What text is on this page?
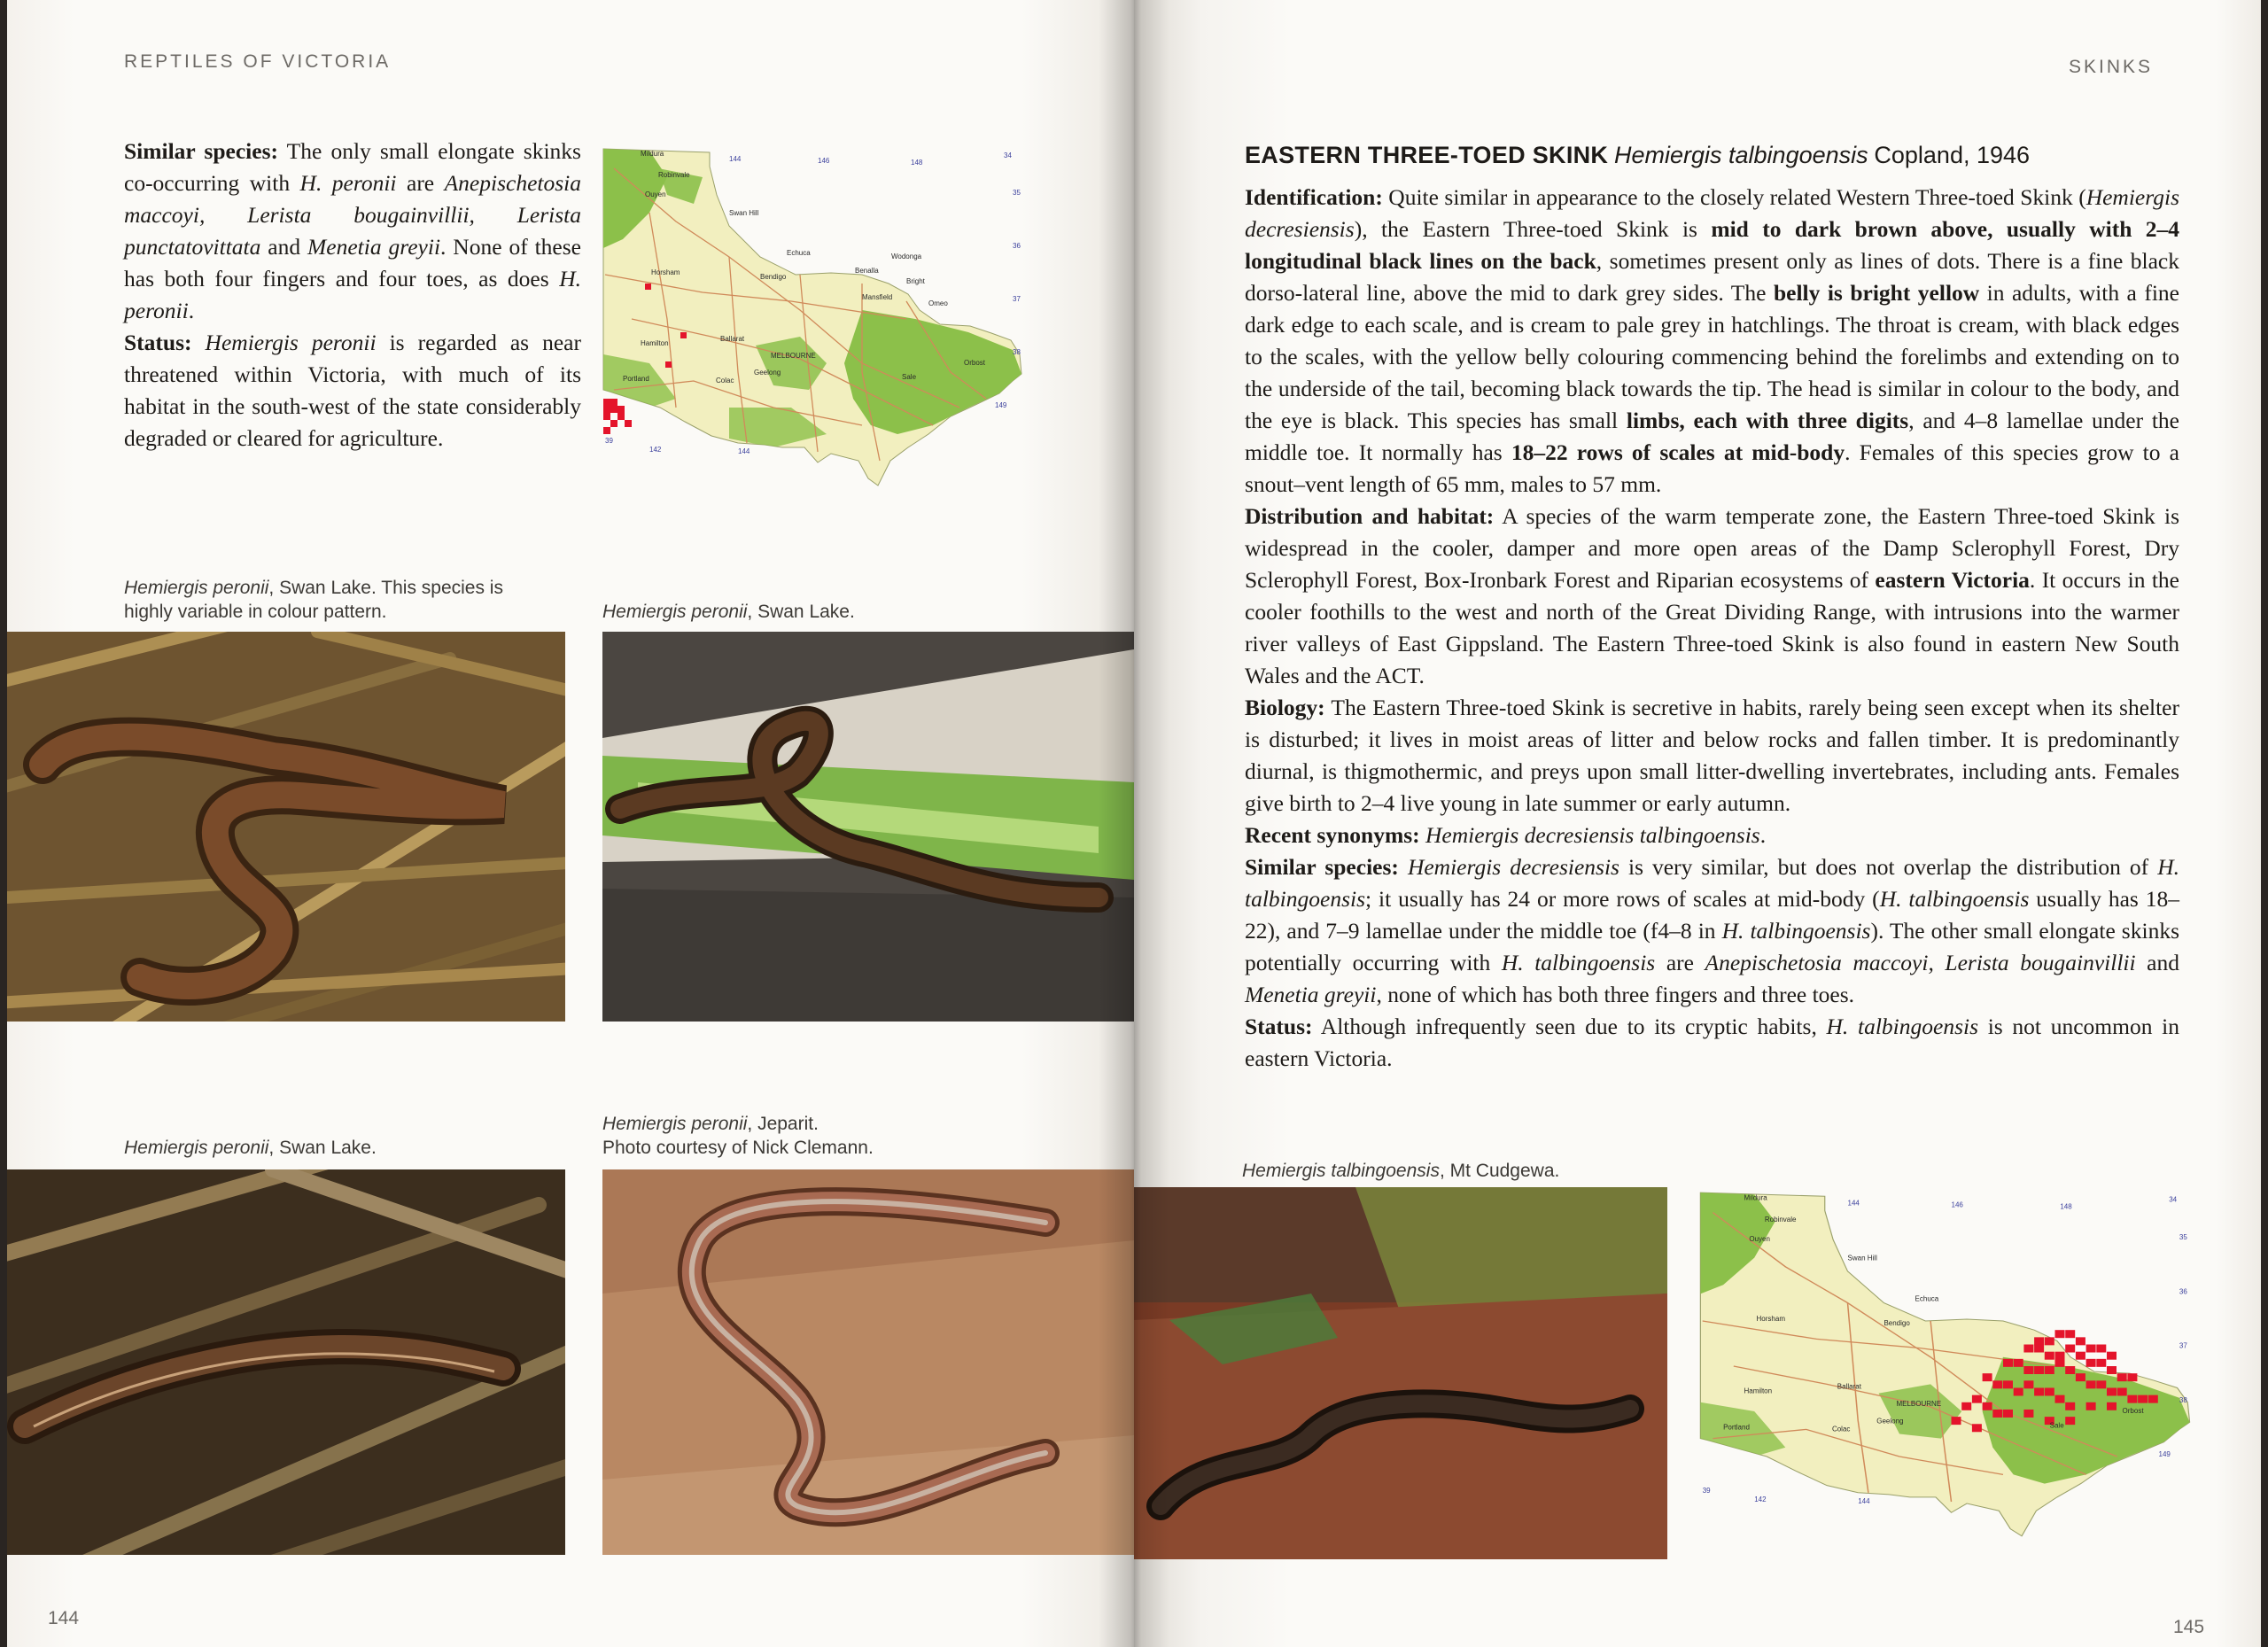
REPTILES OF VICTORIA

Similar species: The only small elongate skinks co-occurring with H. peronii are Anepischetosia maccoyi, Lerista bougainvillii, Lerista punctatovittata and Menetia greyii. None of these has both four fingers and four toes, as does H. peronii.

Status: Hemiergis peronii is regarded as near threatened within Victoria, with much of its habitat in the south-west of the state considerably degraded or cleared for agriculture.

Mildura
Robinvale
Ouyen
Swan Hill
Echuca	Wodonga
Horsham
Bendigo
Benalla
Bright
Mansfield
Omeo
Hamilton
Ballarat
MELBOURNE
Orbost
Portland
Geelong
Colac	Sale
144	146	148
34
35
36
37
38
39
142	144
149
Hemiergis peronii, Swan Lake. This species is
highly variable in colour pattern.	Hemiergis peronii, Swan Lake.
Hemiergis peronii, Swan Lake.
Hemiergis peronii, Jeparit.
Photo courtesy of Nick Clemann.
144
SKINKS
EASTERN THREE-TOED SKINK Hemiergis talbingoensis Copland, 1946

Identification: Quite similar in appearance to the closely related Western Three-toed Skink (Hemiergis decresiensis), the Eastern Three-toed Skink is mid to dark brown above, usually with 2–4 longitudinal black lines on the back, sometimes present only as lines of dots. There is a fine black dorso-lateral line, above the mid to dark grey sides. The belly is bright yellow in adults, with a fine dark edge to each scale, and is cream to pale grey in hatchlings. The throat is cream, with black edges to the scales, with the yellow belly colouring commencing behind the forelimbs and extending on to the underside of the tail, becoming black towards the tip. The head is similar in colour to the body, and the eye is black. This species has small limbs, each with three digits, and 4–8 lamellae under the middle toe. It normally has 18–22 rows of scales at mid-body. Females of this species grow to a snout–vent length of 65 mm, males to 57 mm.

Distribution and habitat: A species of the warm temperate zone, the Eastern Three-toed Skink is widespread in the cooler, damper and more open areas of the Damp Sclerophyll Forest, Dry Sclerophyll Forest, Box-Ironbark Forest and Riparian ecosystems of eastern Victoria. It occurs in the cooler foothills to the west and north of the Great Dividing Range, with intrusions into the warmer river valleys of East Gippsland. The Eastern Three-toed Skink is also found in eastern New South Wales and the ACT.

Biology: The Eastern Three-toed Skink is secretive in habits, rarely being seen except when its shelter is disturbed; it lives in moist areas of litter and below rocks and fallen timber. It is predominantly diurnal, is thigmothermic, and preys upon small litter-dwelling invertebrates, including ants. Females give birth to 2–4 live young in late summer or early autumn.

Recent synonyms: Hemiergis decresiensis talbingoensis.

Similar species: Hemiergis decresiensis is very similar, but does not overlap the distribution of H. talbingoensis; it usually has 24 or more rows of scales at mid-body (H. talbingoensis usually has 18–22), and 7–9 lamellae under the middle toe (f4–8 in H. talbingoensis). The other small elongate skinks potentially occurring with H. talbingoensis are Anepischetosia maccoyi, Lerista bougainvillii and Menetia greyii, none of which has both three fingers and three toes.

Status: Although infrequently seen due to its cryptic habits, H. talbingoensis is not uncommon in eastern Victoria.

Hemiergis talbingoensis, Mt Cudgewa.
Mildura
Robinvale
Ouyen
Swan Hill
Echuca
Horsham
Bendigo
Hamilton
Ballarat
MELBOURNE
Orbost
Portland
Geelong
Colac	Sale
144	146	148
34
35
36
37
38
39
142	144
149
145
